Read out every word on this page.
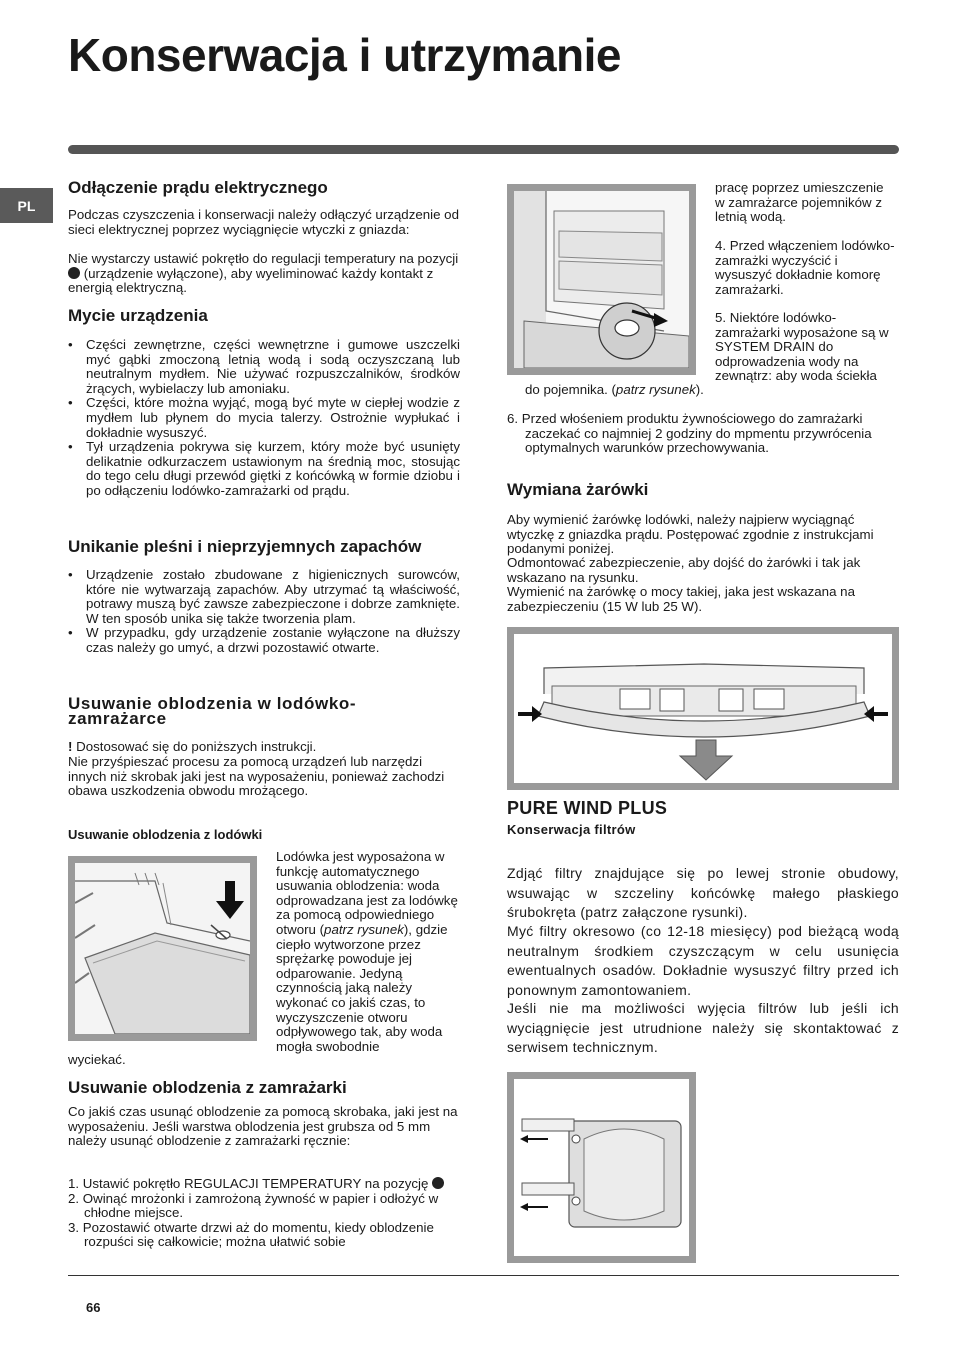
Konserwacja i utrzymanie
PL
Odłączenie prądu elektrycznego

Podczas czyszczenia i konserwacji należy odłączyć urządzenie od sieci elektrycznej poprzez wyciągnięcie wtyczki z gniazda:

Nie wystarczy ustawić pokrętło do regulacji temperatury na pozycji  (urządzenie wyłączone), aby wyeliminować każdy kontakt z energią elektryczną.

Mycie urządzenia
• Części zewnętrzne, części wewnętrzne i gumowe uszczelki myć gąbki zmoczoną letnią wodą i sodą oczyszczaną lub neutralnym mydłem. Nie używać rozpuszczalników, środków żrących, wybielaczy lub amoniaku.
• Części, które można wyjąć, mogą być myte w ciepłej wodzie z mydłem lub płynem do mycia talerzy. Ostrożnie wypłukać i dokładnie wysuszyć.
• Tył urządzenia pokrywa się kurzem, który może być usunięty delikatnie odkurzaczem ustawionym na średnią moc, stosując do tego celu długi przewód giętki z końcówką w formie dziobu i po odłączeniu lodówko-zamrażarki od prądu.
Unikanie pleśni i nieprzyjemnych zapachów
• Urządzenie zostało zbudowane z higienicznych surowców, które nie wytwarzają zapachów. Aby utrzymać tą właściwość, potrawy muszą być zawsze zabezpieczone i dobrze zamknięte. W ten sposób unika się także tworzenia plam.
• W przypadku, gdy urządzenie zostanie wyłączone na dłuższy czas należy go umyć, a drzwi pozostawić otwarte.
Usuwanie oblodzenia w lodówko-
zamrażarce

! Dostosować się do poniższych instrukcji.

Nie przyśpieszać procesu za pomocą urządzeń lub narzędzi innych niż skrobak jaki jest na wyposażeniu, ponieważ zachodzi obawa uszkodzenia obwodu mrożącego.

Usuwanie oblodzenia z lodówki

Lodówka jest wyposażona w funkcję automatycznego usuwania oblodzenia: woda odprowadzana jest za lodówkę za pomocą odpowiedniego otworu (patrz rysunek), gdzie ciepło wytworzone przez sprężarkę powoduje jej odparowanie. Jedyną czynnością jaką należy wykonać co jakiś czas, to wyczyszczenie otworu odpływowego tak, aby woda mogła swobodnie

wyciekać.

Usuwanie oblodzenia z zamrażarki

Co jakiś czas usunąć oblodzenie za pomocą skrobaka, jaki jest na wyposażeniu. Jeśli warstwa oblodzenia jest grubsza od 5 mm należy usunąć oblodzenie z zamrażarki ręcznie:

1. Ustawić pokrętło REGULACJI TEMPERATURY na pozycję
2. Owinąć mrożonki i zamrożoną żywność w papier i odłożyć w chłodne miejsce.
3. Pozostawić otwarte drzwi aż do momentu, kiedy oblodzenie rozpuści się całkowicie; można ułatwić sobie

pracę poprzez umieszczenie w zamrażarce pojemników z letnią wodą.

4. Przed włączeniem lodówko-zamrażki wyczyścić i wysuszyć dokładnie komorę zamrażarki.

5. Niektóre lodówko-zamrażarki wyposażone są w SYSTEM DRAIN do odprowadzenia wody na zewnątrz: aby woda ściekła

do pojemnika. (patrz rysunek).

6. Przed włośeniem produktu żywnościowego do zamrażarki zaczekać co najmniej 2 godziny do mpmentu przywrócenia optymalnych warunków przechowywania.
Wymiana żarówki

Aby wymienić żarówkę lodówki, należy najpierw wyciągnąć wtyczkę z gniazdka prądu. Postępować zgodnie z instrukcjami podanymi poniżej.

Odmontować zabezpieczenie, aby dojść do żarówki i tak jak wskazano na rysunku.

Wymienić na żarówkę o mocy takiej, jaka jest wskazana na zabezpieczeniu (15 W lub 25 W).

PURE WIND PLUS

Konserwacja filtrów

Zdjąć filtry znajdujące się po lewej stronie obudowy, wsuwając w szczeliny końcówkę małego płaskiego śrubokręta (patrz załączone rysunki).

Myć filtry okresowo (co 12-18 miesięcy) pod bieżącą wodą neutralnym środkiem czyszczącym w celu usunięcia ewentualnych osadów. Dokładnie wysuszyć filtry przed ich ponownym zamontowaniem.

Jeśli nie ma możliwości wyjęcia filtrów lub jeśli ich wyciągnięcie jest utrudnione należy się skontaktować z serwisem technicznym.

66
